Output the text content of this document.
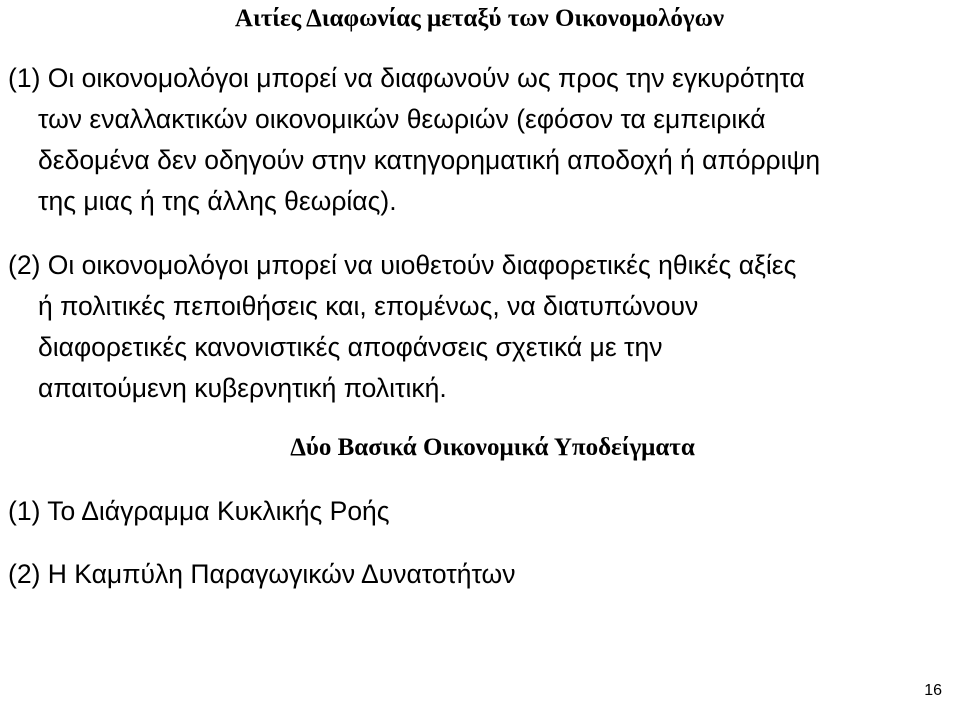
Αιτίες Διαφωνίας μεταξύ των Οικονομολόγων
(1) Οι οικονομολόγοι μπορεί να διαφωνούν ως προς την εγκυρότητα
των εναλλακτικών οικονομικών θεωριών (εφόσον τα εμπειρικά
δεδομένα δεν οδηγούν στην κατηγορηματική αποδοχή ή απόρριψη
της μιας ή της άλλης θεωρίας).
(2) Οι οικονομολόγοι μπορεί να υιοθετούν διαφορετικές ηθικές αξίες
ή πολιτικές πεποιθήσεις και, επομένως, να διατυπώνουν
διαφορετικές κανονιστικές αποφάνσεις σχετικά με την
απαιτούμενη κυβερνητική πολιτική.
Δύο Βασικά Οικονομικά Υποδείγματα
(1) Το Διάγραμμα Κυκλικής Ροής
(2) Η Καμπύλη Παραγωγικών Δυνατοτήτων
16
